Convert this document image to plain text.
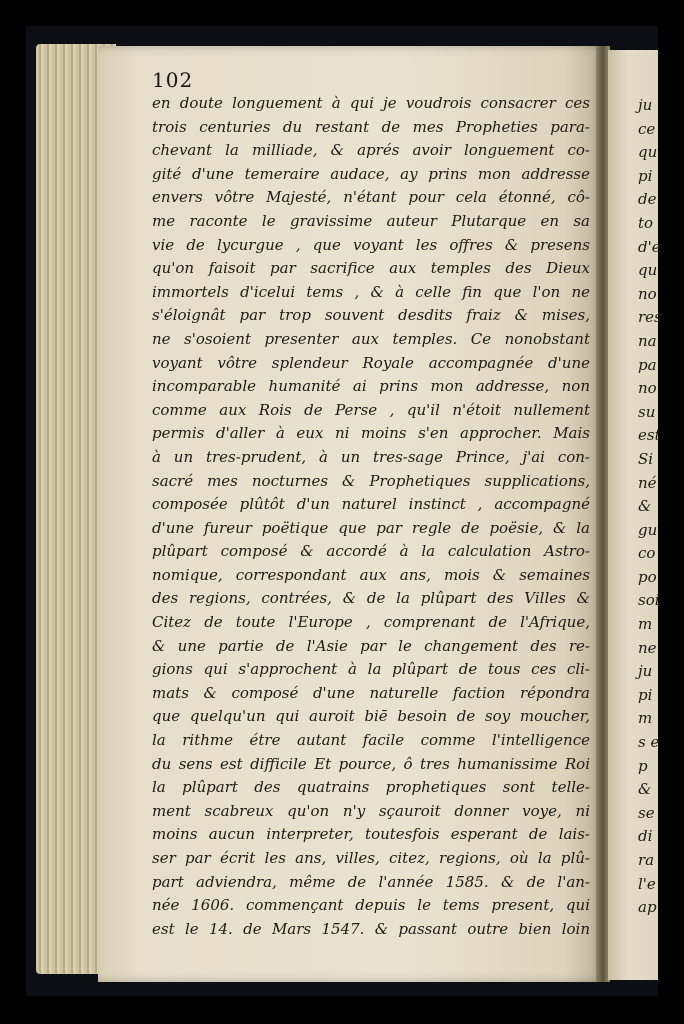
102
en doute longuement à qui je voudrois consacrer ces
trois centuries du restant de mes Propheties para-
chevant la milliade, & aprés avoir longuement co-
gité d'une temeraire audace, ay prins mon addresse
envers vôtre Majesté, n'étant pour cela étonné, cô-
me raconte le gravissime auteur Plutarque en sa
vie de lycurgue , que voyant les offres & presens
qu'on faisoit par sacrifice aux temples des Dieux
immortels d'icelui tems , & à celle fin que l'on ne
s'éloignât par trop souvent desdits fraiz & mises,
ne s'osoient presenter aux temples. Ce nonobstant
voyant vôtre splendeur Royale accompagnée d'une
incomparable humanité ai prins mon addresse, non
comme aux Rois de Perse , qu'il n'étoit nullement
permis d'aller à eux ni moins s'en approcher. Mais
à un tres-prudent, à un tres-sage Prince, j'ai con-
sacré mes nocturnes & Prophetiques supplications,
composée plûtôt d'un naturel instinct , accompagné
d'une fureur poëtique que par regle de poësie, & la
plûpart composé & accordé à la calculation Astro-
nomique, correspondant aux ans, mois & semaines
des regions, contrées, & de la plûpart des Villes &
Citez de toute l'Europe , comprenant de l'Afrique,
& une partie de l'Asie par le changement des re-
gions qui s'approchent à la plûpart de tous ces cli-
mats & composé d'une naturelle faction répondra
que quelqu'un qui auroit biē besoin de soy moucher,
la rithme étre autant facile comme l'intelligence
du sens est difficile Et pource, ô tres humanissime Roi
la plûpart des quatrains prophetiques sont telle-
ment scabreux qu'on n'y sçauroit donner voye, ni
moins aucun interpreter, toutesfois esperant de lais-
ser par écrit les ans, villes, citez, regions, où la plû-
part adviendra, même de l'année 1585. & de l'an-
née 1606. commençant depuis le tems present, qui
est le 14. de Mars 1547. & passant outre bien loin
ju
ce
qu
pi
de
to
d'e
qu
no
res
na
pa
no
su
est
Si
né
&
gu
co
po
soi
m
ne
ju
pi
m
s e
p
&
se
di
ra
l'e
ap
